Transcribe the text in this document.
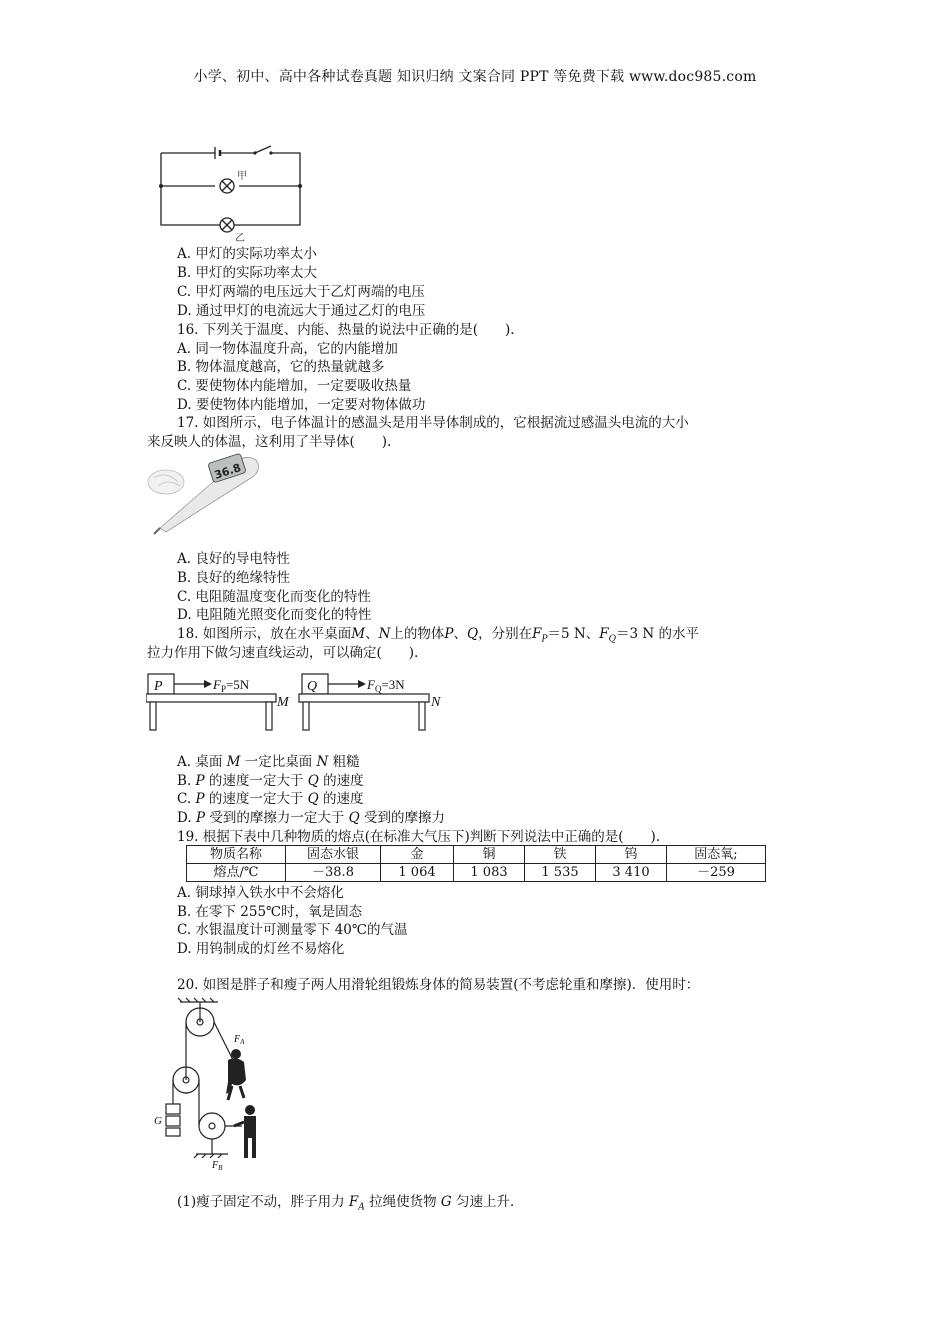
小学、初中、高中各种试卷真题 知识归纳 文案合同 PPT 等免费下载 www.doc985.com
甲
乙
A. 甲灯的实际功率太小
B. 甲灯的实际功率太大
C. 甲灯两端的电压远大于乙灯两端的电压
D. 通过甲灯的电流远大于通过乙灯的电压
16. 下列关于温度、内能、热量的说法中正确的是(　　).
A. 同一物体温度升高，它的内能增加
B. 物体温度越高，它的热量就越多
C. 要使物体内能增加，一定要吸收热量
D. 要使物体内能增加，一定要对物体做功
17. 如图所示，电子体温计的感温头是用半导体制成的，它根据流过感温头电流的大小
来反映人的体温，这利用了半导体(　　).
36.8
A. 良好的导电特性
B. 良好的绝缘特性
C. 电阻随温度变化而变化的特性
D. 电阻随光照变化而变化的特性
18. 如图所示，放在水平桌面M、N上的物体P、Q，分别在$F_P=5$ N、$F_Q=3$ N 的水平
拉力作用下做匀速直线运动，可以确定(　　).
P	Q
M	N
$F_P=5N$	$F_Q=3N$
A. 桌面 M 一定比桌面 N 粗糙
B. P 的速度一定大于 Q 的速度
C. P 的速度一定大于 Q 的速度
D. P 受到的摩擦力一定大于 Q 受到的摩擦力
19. 根据下表中几种物质的熔点(在标准大气压下)判断下列说法中正确的是(　　).
物质名称	固态水银	金	铜	铁	钨	固态氧;
熔点/℃	－38.8	1 064	1 083	1 535	3 410	－259
A. 铜球掉入铁水中不会熔化
B. 在零下 255℃时，氧是固态
C. 水银温度计可测量零下 40℃的气温
D. 用钨制成的灯丝不易熔化
20. 如图是胖子和瘦子两人用滑轮组锻炼身体的简易装置(不考虑轮重和摩擦)．使用时：
G
$F_A$
$F_B$
(1)瘦子固定不动，胖子用力 $F_A$ 拉绳使货物 G 匀速上升．
